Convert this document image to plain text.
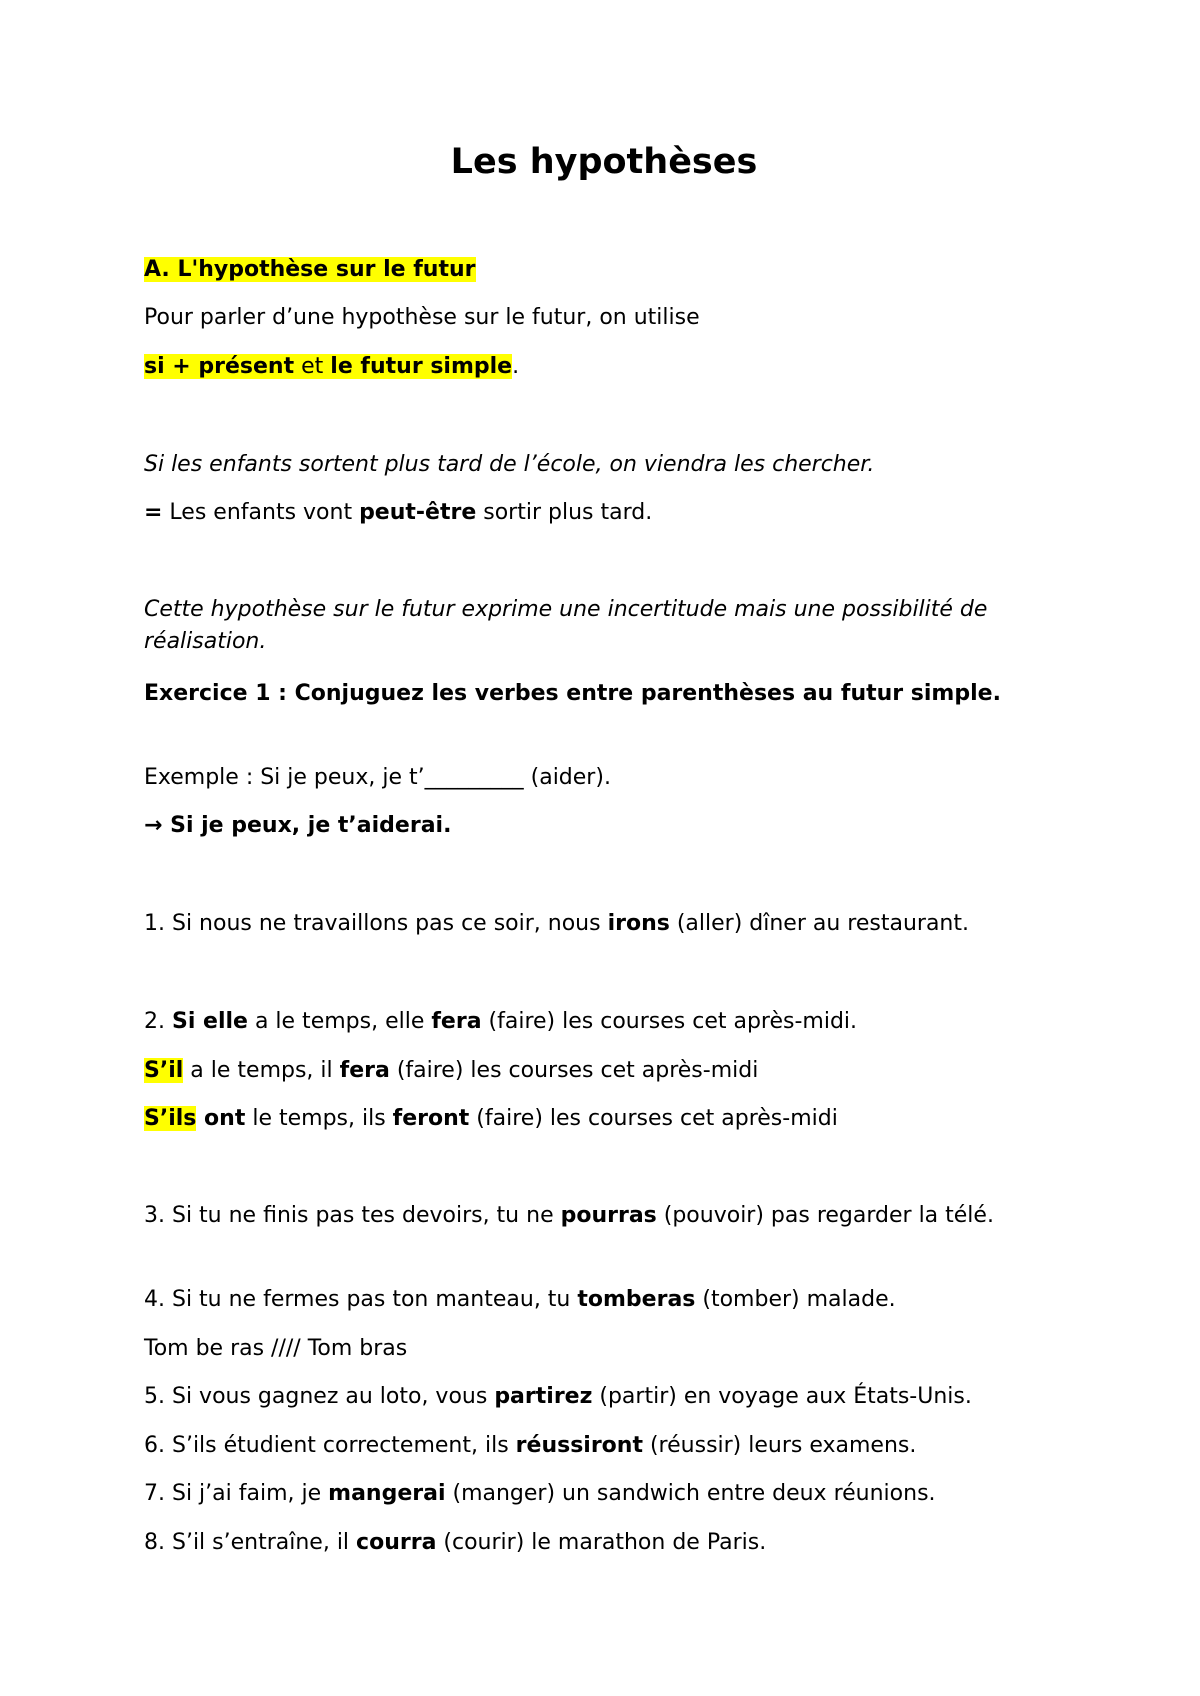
Les hypothèses

A. L'hypothèse sur le futur

Pour parler d’une hypothèse sur le futur, on utilise

si + présent et le futur simple.

Si les enfants sortent plus tard de l’école, on viendra les chercher.

= Les enfants vont peut-être sortir plus tard.

Cette hypothèse sur le futur exprime une incertitude mais une possibilité de réalisation.

Exercice 1 : Conjuguez les verbes entre parenthèses au futur simple.

Exemple : Si je peux, je t’_________ (aider).

→ Si je peux, je t’aiderai.

1. Si nous ne travaillons pas ce soir, nous irons (aller) dîner au restaurant.

2. Si elle a le temps, elle fera (faire) les courses cet après-midi.

S’il a le temps, il fera (faire) les courses cet après-midi

S’ils ont le temps, ils feront (faire) les courses cet après-midi

3. Si tu ne finis pas tes devoirs, tu ne pourras (pouvoir) pas regarder la télé.

4. Si tu ne fermes pas ton manteau, tu tomberas (tomber) malade.

Tom be ras //// Tom bras

5. Si vous gagnez au loto, vous partirez (partir) en voyage aux États-Unis.

6. S’ils étudient correctement, ils réussiront (réussir) leurs examens.

7. Si j’ai faim, je mangerai (manger) un sandwich entre deux réunions.

8. S’il s’entraîne, il courra (courir) le marathon de Paris.
